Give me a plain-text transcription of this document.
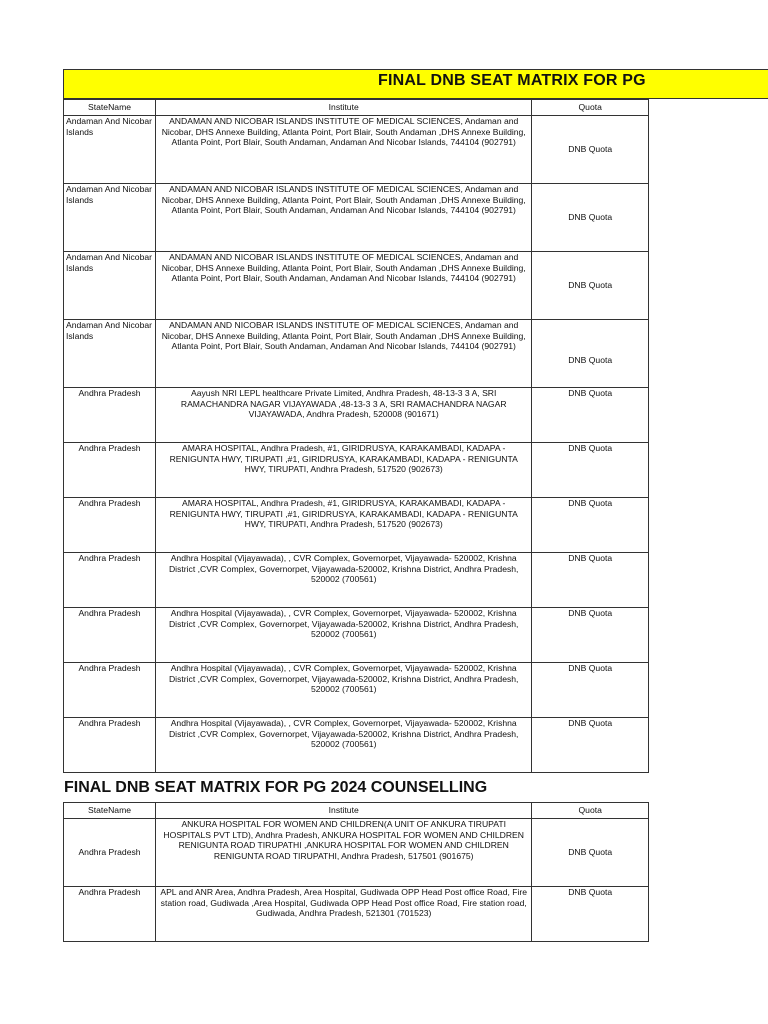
FINAL DNB SEAT MATRIX FOR PG
StateName	Institute	Quota
Andaman And Nicobar Islands	ANDAMAN AND NICOBAR ISLANDS INSTITUTE OF MEDICAL SCIENCES, Andaman and Nicobar, DHS Annexe Building, Atlanta Point, Port Blair, South Andaman ,DHS Annexe Building, Atlanta Point, Port Blair, South Andaman, Andaman And Nicobar Islands, 744104 (902791)	DNB Quota
Andaman And Nicobar Islands	ANDAMAN AND NICOBAR ISLANDS INSTITUTE OF MEDICAL SCIENCES, Andaman and Nicobar, DHS Annexe Building, Atlanta Point, Port Blair, South Andaman ,DHS Annexe Building, Atlanta Point, Port Blair, South Andaman, Andaman And Nicobar Islands, 744104 (902791)	DNB Quota
Andaman And Nicobar Islands	ANDAMAN AND NICOBAR ISLANDS INSTITUTE OF MEDICAL SCIENCES, Andaman and Nicobar, DHS Annexe Building, Atlanta Point, Port Blair, South Andaman ,DHS Annexe Building, Atlanta Point, Port Blair, South Andaman, Andaman And Nicobar Islands, 744104 (902791)	DNB Quota
Andaman And Nicobar Islands	ANDAMAN AND NICOBAR ISLANDS INSTITUTE OF MEDICAL SCIENCES, Andaman and Nicobar, DHS Annexe Building, Atlanta Point, Port Blair, South Andaman ,DHS Annexe Building, Atlanta Point, Port Blair, South Andaman, Andaman And Nicobar Islands, 744104 (902791)	DNB Quota
Andhra Pradesh	Aayush NRI LEPL healthcare Private Limited, Andhra Pradesh, 48-13-3 3 A, SRI RAMACHANDRA NAGAR VIJAYAWADA ,48-13-3 3 A, SRI RAMACHANDRA NAGAR VIJAYAWADA, Andhra Pradesh, 520008 (901671)	DNB Quota
Andhra Pradesh	AMARA HOSPITAL, Andhra Pradesh, #1, GIRIDRUSYA, KARAKAMBADI, KADAPA - RENIGUNTA HWY, TIRUPATI ,#1, GIRIDRUSYA, KARAKAMBADI, KADAPA - RENIGUNTA HWY, TIRUPATI, Andhra Pradesh, 517520 (902673)	DNB Quota
Andhra Pradesh	AMARA HOSPITAL, Andhra Pradesh, #1, GIRIDRUSYA, KARAKAMBADI, KADAPA - RENIGUNTA HWY, TIRUPATI ,#1, GIRIDRUSYA, KARAKAMBADI, KADAPA - RENIGUNTA HWY, TIRUPATI, Andhra Pradesh, 517520 (902673)	DNB Quota
Andhra Pradesh	Andhra Hospital (Vijayawada), , CVR Complex, Governorpet, Vijayawada- 520002, Krishna District ,CVR Complex, Governorpet, Vijayawada-520002, Krishna District, Andhra Pradesh, 520002 (700561)	DNB Quota
Andhra Pradesh	Andhra Hospital (Vijayawada), , CVR Complex, Governorpet, Vijayawada- 520002, Krishna District ,CVR Complex, Governorpet, Vijayawada-520002, Krishna District, Andhra Pradesh, 520002 (700561)	DNB Quota
Andhra Pradesh	Andhra Hospital (Vijayawada), , CVR Complex, Governorpet, Vijayawada- 520002, Krishna District ,CVR Complex, Governorpet, Vijayawada-520002, Krishna District, Andhra Pradesh, 520002 (700561)	DNB Quota
Andhra Pradesh	Andhra Hospital (Vijayawada), , CVR Complex, Governorpet, Vijayawada- 520002, Krishna District ,CVR Complex, Governorpet, Vijayawada-520002, Krishna District, Andhra Pradesh, 520002 (700561)	DNB Quota
FINAL DNB SEAT MATRIX FOR PG 2024 COUNSELLING
StateName	Institute	Quota
Andhra Pradesh	ANKURA HOSPITAL FOR WOMEN AND CHILDREN(A UNIT OF ANKURA TIRUPATI HOSPITALS PVT LTD), Andhra Pradesh, ANKURA HOSPITAL FOR WOMEN AND CHILDREN RENIGUNTA ROAD TIRUPATHI ,ANKURA HOSPITAL FOR WOMEN AND CHILDREN RENIGUNTA ROAD TIRUPATHI, Andhra Pradesh, 517501 (901675)	DNB Quota
Andhra Pradesh	APL and ANR Area, Andhra Pradesh, Area Hospital, Gudiwada OPP Head Post office Road, Fire station road, Gudiwada ,Area Hospital, Gudiwada OPP Head Post office Road, Fire station road, Gudiwada, Andhra Pradesh, 521301 (701523)	DNB Quota
